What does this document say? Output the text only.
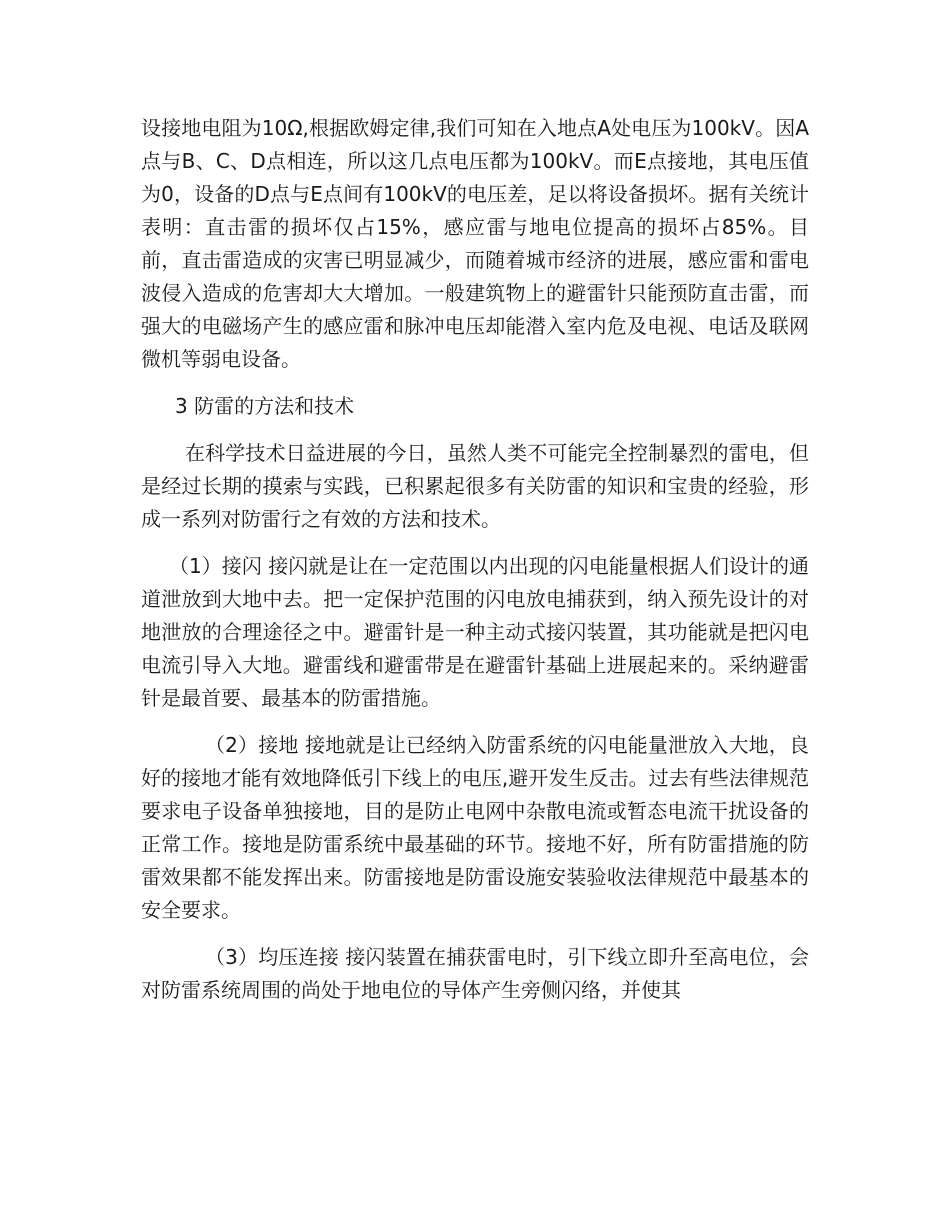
设接地电阻为10Ω,根据欧姆定律,我们可知在入地点A处电压为100kV。因A点与B、C、D点相连，所以这几点电压都为100kV。而E点接地，其电压值为0，设备的D点与E点间有100kV的电压差，足以将设备损坏。据有关统计表明：直击雷的损坏仅占15%，感应雷与地电位提高的损坏占85%。目前，直击雷造成的灾害已明显减少，而随着城市经济的进展，感应雷和雷电波侵入造成的危害却大大增加。一般建筑物上的避雷针只能预防直击雷，而强大的电磁场产生的感应雷和脉冲电压却能潜入室内危及电视、电话及联网微机等弱电设备。

3 防雷的方法和技术

在科学技术日益进展的今日，虽然人类不可能完全控制暴烈的雷电，但是经过长期的摸索与实践，已积累起很多有关防雷的知识和宝贵的经验，形成一系列对防雷行之有效的方法和技术。

（1）接闪 接闪就是让在一定范围以内出现的闪电能量根据人们设计的通道泄放到大地中去。把一定保护范围的闪电放电捕获到，纳入预先设计的对地泄放的合理途径之中。避雷针是一种主动式接闪装置，其功能就是把闪电电流引导入大地。避雷线和避雷带是在避雷针基础上进展起来的。采纳避雷针是最首要、最基本的防雷措施。

（2）接地 接地就是让已经纳入防雷系统的闪电能量泄放入大地，良好的接地才能有效地降低引下线上的电压,避开发生反击。过去有些法律规范要求电子设备单独接地，目的是防止电网中杂散电流或暂态电流干扰设备的正常工作。接地是防雷系统中最基础的环节。接地不好，所有防雷措施的防雷效果都不能发挥出来。防雷接地是防雷设施安装验收法律规范中最基本的安全要求。

（3）均压连接 接闪装置在捕获雷电时，引下线立即升至高电位，会对防雷系统周围的尚处于地电位的导体产生旁侧闪络，并使其
